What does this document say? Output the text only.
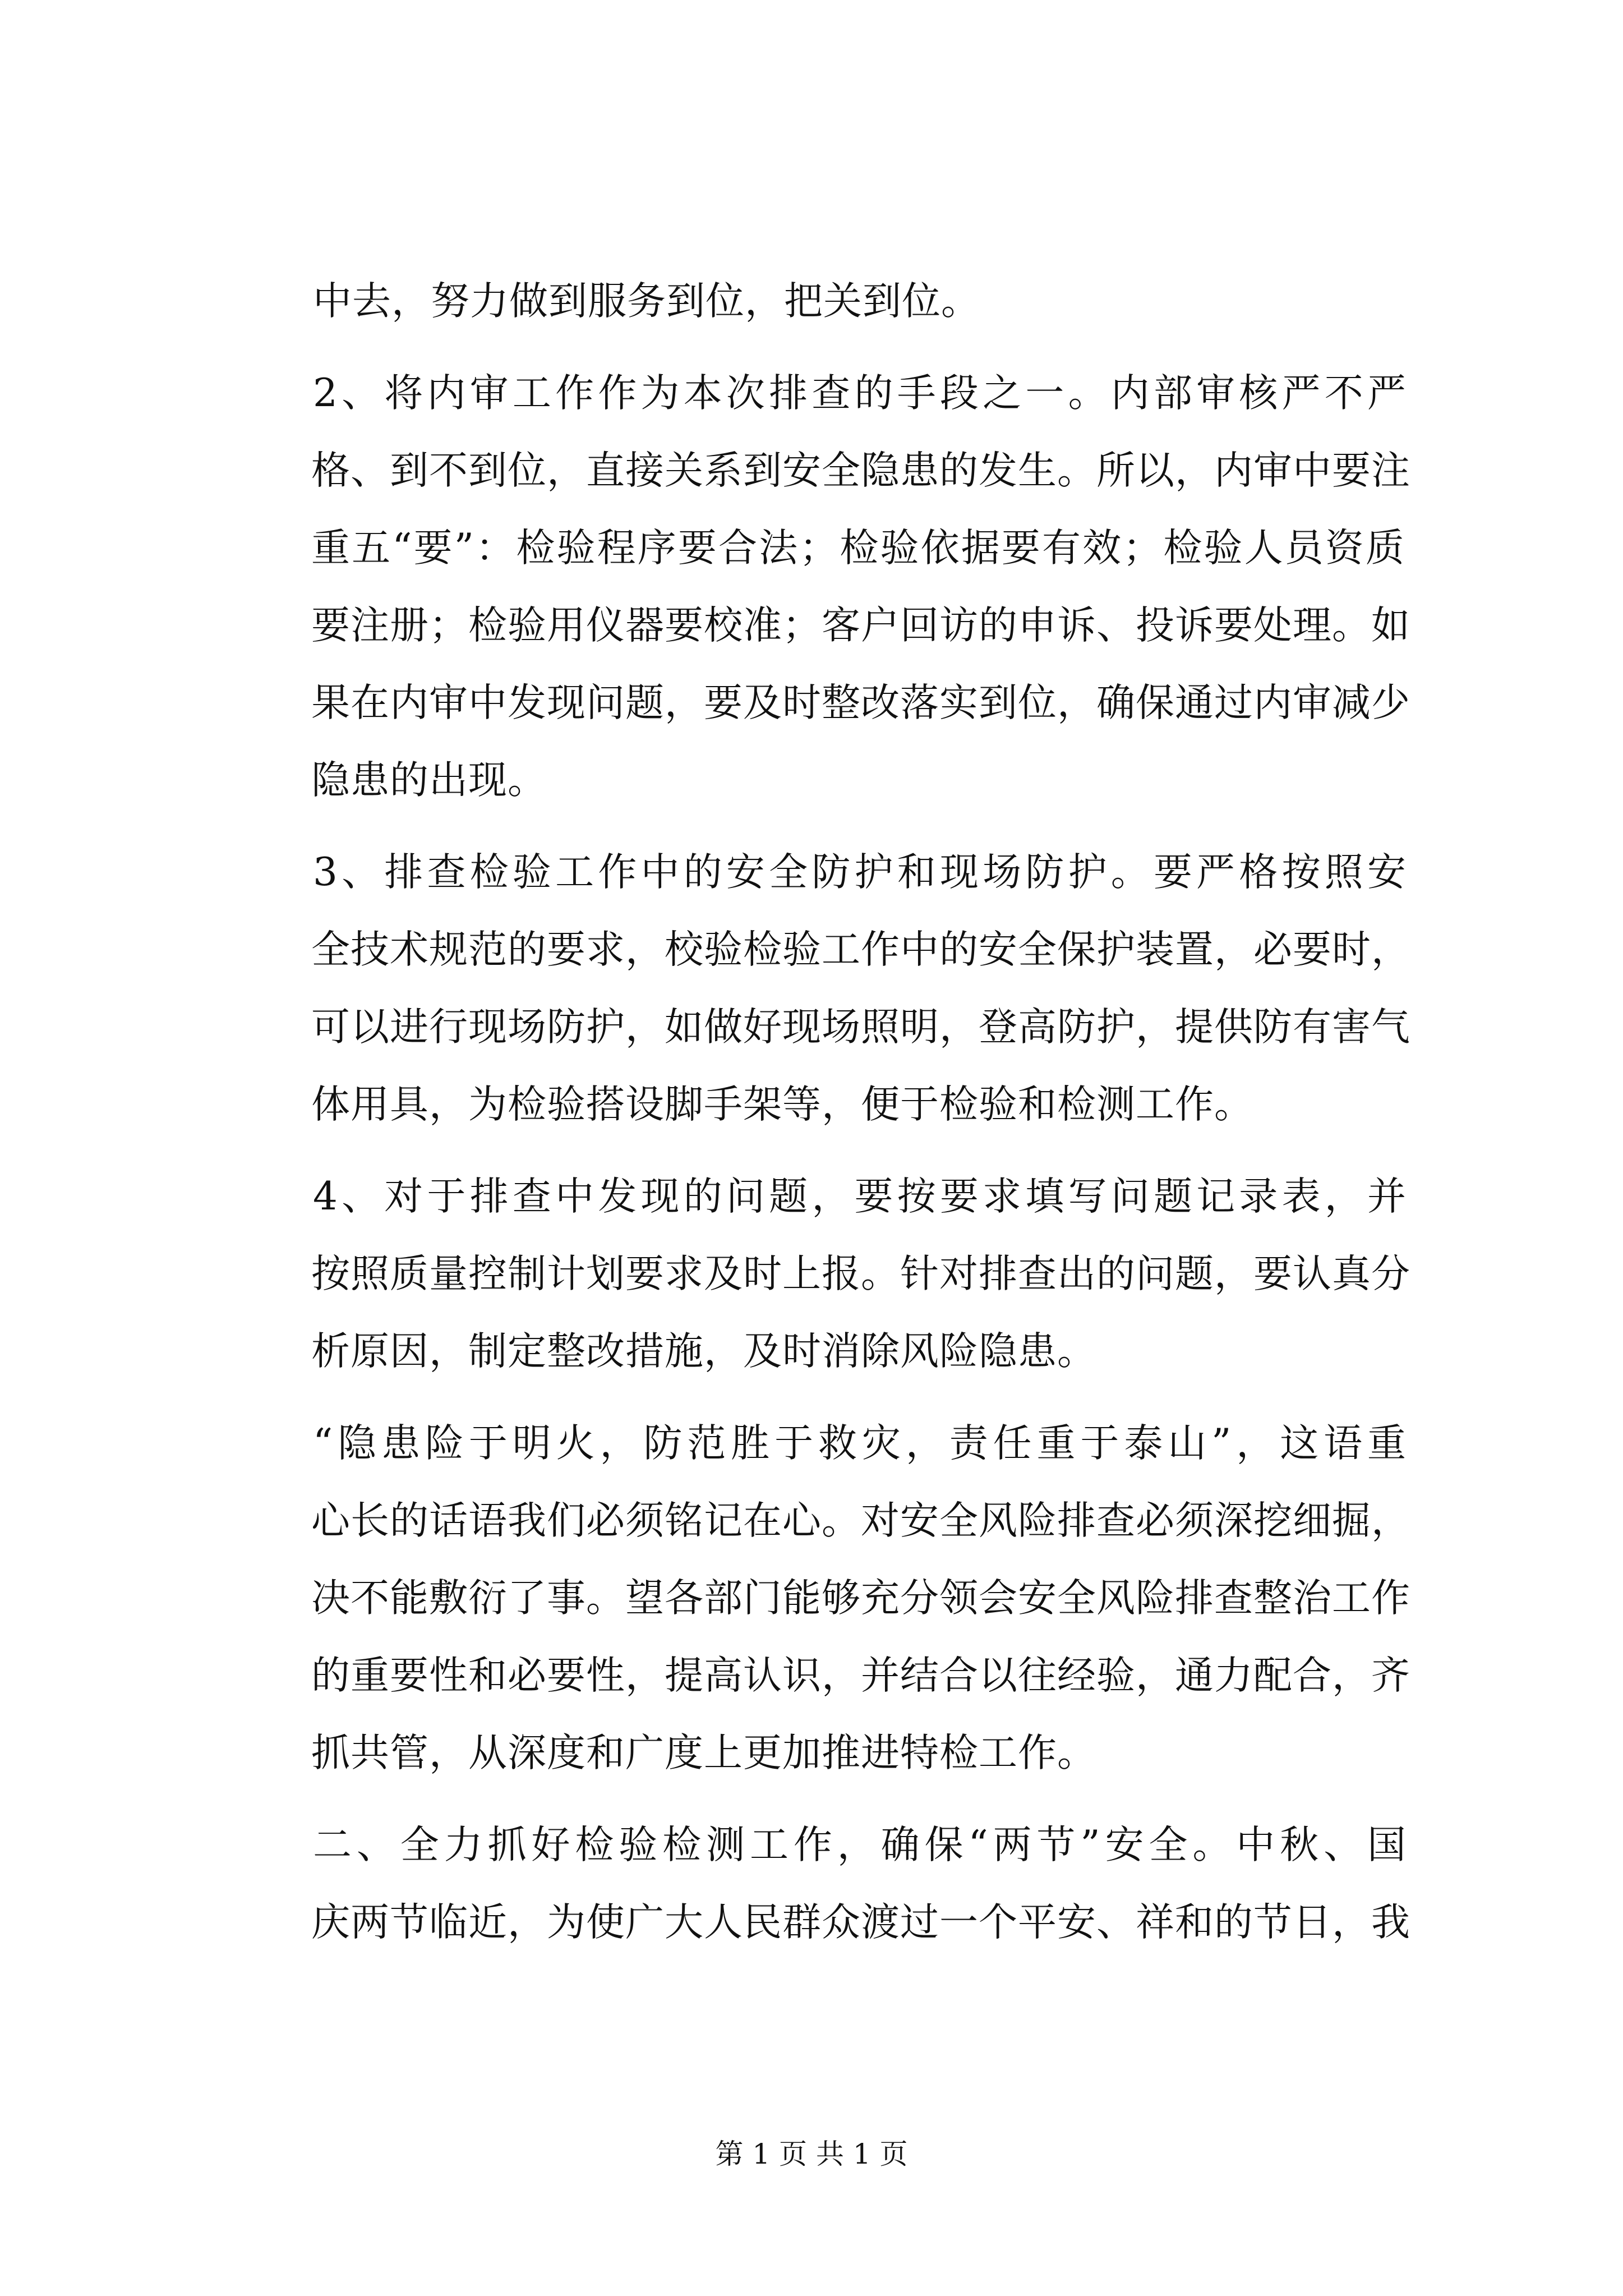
中去，努力做到服务到位，把关到位。
2、将内审工作作为本次排查的手段之一。内部审核严不严
格、到不到位，直接关系到安全隐患的发生。所以，内审中要注
重五“要”：检验程序要合法；检验依据要有效；检验人员资质
要注册；检验用仪器要校准；客户回访的申诉、投诉要处理。如
果在内审中发现问题，要及时整改落实到位，确保通过内审减少
隐患的出现。
3、排查检验工作中的安全防护和现场防护。要严格按照安
全技术规范的要求，校验检验工作中的安全保护装置，必要时，
可以进行现场防护，如做好现场照明，登高防护，提供防有害气
体用具，为检验搭设脚手架等，便于检验和检测工作。
4、对于排查中发现的问题，要按要求填写问题记录表，并
按照质量控制计划要求及时上报。针对排查出的问题，要认真分
析原因，制定整改措施，及时消除风险隐患。
“隐患险于明火，防范胜于救灾，责任重于泰山”，这语重
心长的话语我们必须铭记在心。对安全风险排查必须深挖细掘，
决不能敷衍了事。望各部门能够充分领会安全风险排查整治工作
的重要性和必要性，提高认识，并结合以往经验，通力配合，齐
抓共管，从深度和广度上更加推进特检工作。
二、全力抓好检验检测工作，确保“两节”安全。中秋、国
庆两节临近，为使广大人民群众渡过一个平安、祥和的节日，我
第 1 页 共 1 页
